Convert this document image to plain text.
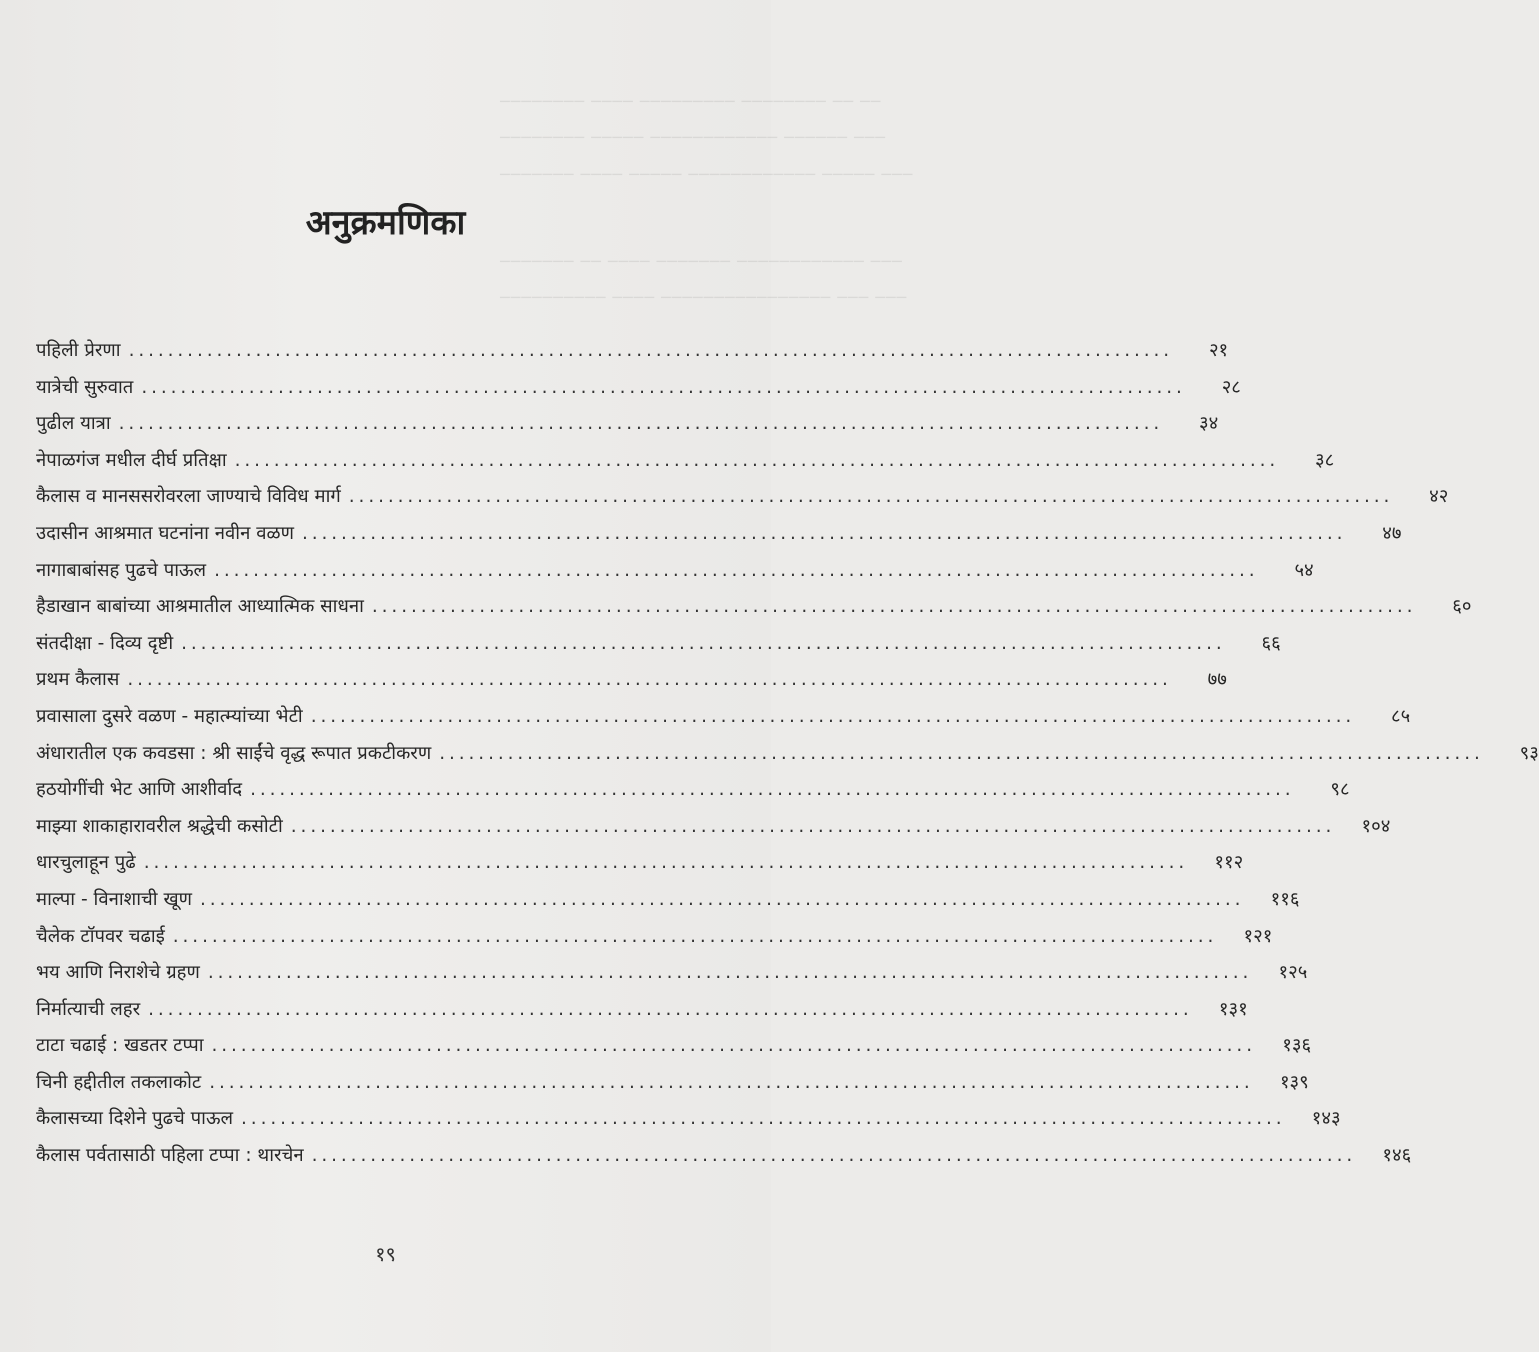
──────── ──── ───────── ──────── ── ──
──────── ───── ──────────── ────── ───
─────── ──── ───── ──────────── ───── ───
─────── ── ──── ─────── ──────────── ───
────────── ──── ──────────────── ─── ───
अनुक्रमणिका
पहिली प्रेरणा . . .	२१
यात्रेची सुरुवात . . .	२८
पुढील यात्रा . . .	३४
नेपाळगंज मधील दीर्घ प्रतिक्षा . . .	३८
कैलास व मानससरोवरला जाण्याचे विविध मार्ग . . .	४२
उदासीन आश्रमात घटनांना नवीन वळण . . .	४७
नागाबाबांसह पुढचे पाऊल . . .	५४
हैडाखान बाबांच्या आश्रमातील आध्यात्मिक साधना . . .	६०
संतदीक्षा - दिव्य दृष्टी . . .	६६
प्रथम कैलास . . .	७७
प्रवासाला दुसरे वळण - महात्म्यांच्या भेटी . . .	८५
अंधारातील एक कवडसा : श्री साईंचे वृद्ध रूपात प्रकटीकरण . . .	९३
हठयोगींची भेट आणि आशीर्वाद . . .	९८
माझ्या शाकाहारावरील श्रद्धेची कसोटी . . .	१०४
धारचुलाहून पुढे . . .	११२
माल्पा - विनाशाची खूण . . .	११६
चैलेक टॉपवर चढाई . . .	१२१
भय आणि निराशेचे ग्रहण . . .	१२५
निर्मात्याची लहर . . .	१३१
टाटा चढाई : खडतर टप्पा . . .	१३६
चिनी हद्दीतील तकलाकोट . . .	१३९
कैलासच्या दिशेने पुढचे पाऊल . . .	१४३
कैलास पर्वतासाठी पहिला टप्पा : थारचेन . . .	१४६
१९
